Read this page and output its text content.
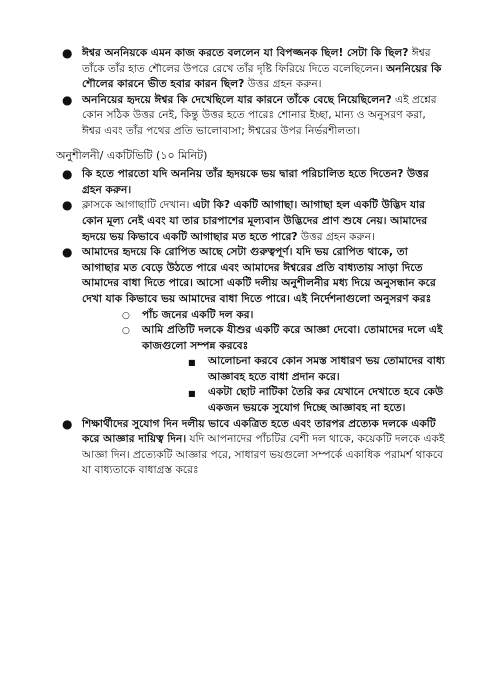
● ঈশ্বর অননিয়কে এমন কাজ করতে বললেন যা বিপজ্জনক ছিল! সেটা কি ছিল? ঈশ্বর তাঁকে তাঁর হাত শৌলের উপরে রেখে তাঁর দৃষ্টি ফিরিয়ে দিতে বলেছিলেন। অননিয়ের কি শৌলের কারনে ভীত হবার কারন ছিল? উত্তর গ্রহন করুন।
● অননিয়ের হৃদয়ে ঈশ্বর কি দেখেছিলে যার কারনে তাঁকে বেছে নিয়েছিলেন? এই প্রশ্নের কোন সঠিক উত্তর নেই, কিন্তু উত্তর হতে পারেঃ শোনার ইচ্ছা, মান্য ও অনুসরণ করা, ঈশ্বর এবং তাঁর পথের প্রতি ভালোবাসা; ঈশ্বরের উপর নির্ভরশীলতা।
অনুশীলনী/ একটিভিটি (১০ মিনিট)
● কি হতে পারতো যদি অননিয় তাঁর হৃদয়কে ভয় দ্বারা পরিচালিত হতে দিতেন? উত্তর গ্রহন করুন।
● ক্লাসকে আগাছাটি দেখান। এটা কি? একটি আগাছা। আগাছা হল একটি উদ্ভিদ যার কোন মূল্য নেই এবং যা তার চারপাশের মূল্যবান উদ্ভিদের প্রাণ শুষে নেয়। আমাদের হৃদয়ে ভয় কিভাবে একটি আগাছার মত হতে পারে? উত্তর গ্রহন করুন।
● আমাদের হৃদয়ে কি রোপিত আছে সেটা গুরুত্বপূর্ণ। যদি ভয় রোপিত থাকে, তা আগাছার মত বেড়ে উঠতে পারে এবং আমাদের ঈশ্বরের প্রতি বাধ্যতায় সাড়া দিতে আমাদের বাধা দিতে পারে। আসো একটি দলীয় অনুশীলনীর মধ্য দিয়ে অনুসন্ধান করে দেখা যাক কিভাবে ভয় আমাদের বাধা দিতে পারে। এই নির্দেশনাগুলো অনুসরণ করঃ
○ পাঁচ জনের একটি দল কর।
○ আমি প্রতিটি দলকে যীশুর একটি করে আজ্ঞা দেবো। তোমাদের দলে এই কাজগুলো সম্পন্ন করবেঃ
■ আলোচনা করবে কোন সমস্ত সাধারণ ভয় তোমাদের বাধ্য আজ্ঞাবহ হতে বাধা প্রদান করে।
■ একটা ছোট নাটিকা তৈরি কর যেখানে দেখাতে হবে কেউ একজন ভয়কে সুযোগ দিচ্ছে আজ্ঞাবহ না হতে।
● শিক্ষার্থীদের সুযোগ দিন দলীয় ভাবে একত্রিত হতে এবং তারপর প্রত্যেক দলকে একটি করে আজ্ঞার দায়িত্ব দিন। যদি আপনাদের পাঁচটির বেশী দল থাকে, কয়েকটি দলকে একই আজ্ঞা দিন। প্রত্যেকটি আজ্ঞার পরে, সাধারণ ভয়গুলো সম্পর্কে একাধিক পরামর্শ থাকবে যা বাধ্যতাকে বাধাগ্রস্ত করেঃ
